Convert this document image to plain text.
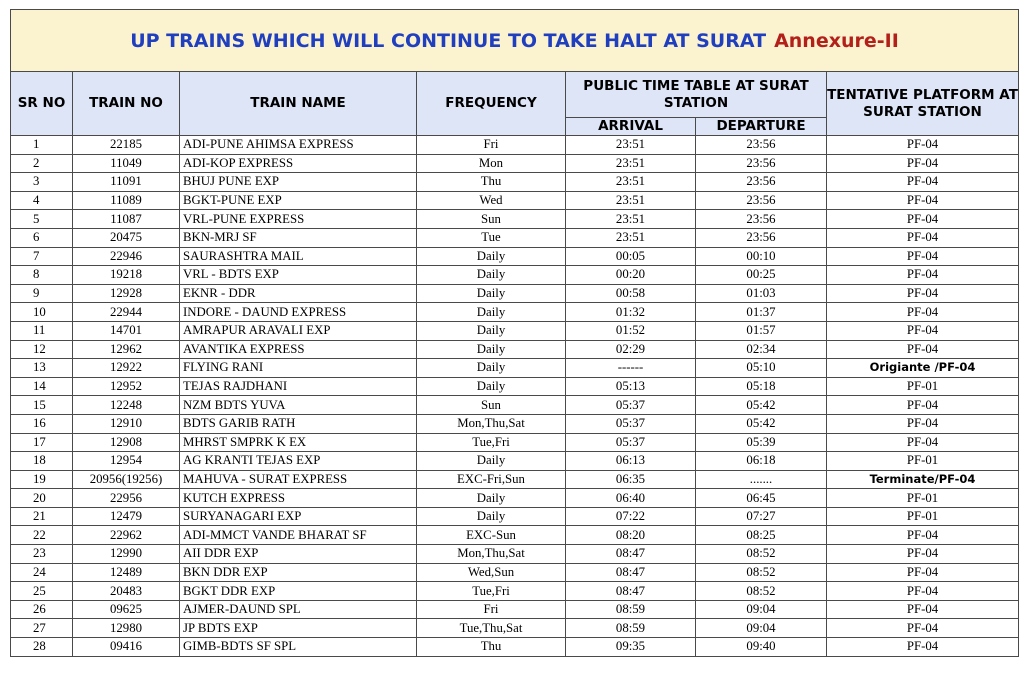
UP TRAINS WHICH WILL CONTINUE TO TAKE HALT AT SURAT Annexure-II						
SR NO	TRAIN NO	TRAIN NAME	FREQUENCY	PUBLIC TIME TABLE AT SURAT STATION		TENTATIVE PLATFORM AT SURAT STATION
				ARRIVAL	DEPARTURE	
1	22185	ADI-PUNE AHIMSA EXPRESS	Fri	23:51	23:56	PF-04
2	11049	ADI-KOP EXPRESS	Mon	23:51	23:56	PF-04
3	11091	BHUJ PUNE EXP	Thu	23:51	23:56	PF-04
4	11089	BGKT-PUNE EXP	Wed	23:51	23:56	PF-04
5	11087	VRL-PUNE EXPRESS	Sun	23:51	23:56	PF-04
6	20475	BKN-MRJ SF	Tue	23:51	23:56	PF-04
7	22946	SAURASHTRA MAIL	Daily	00:05	00:10	PF-04
8	19218	VRL - BDTS EXP	Daily	00:20	00:25	PF-04
9	12928	EKNR - DDR	Daily	00:58	01:03	PF-04
10	22944	INDORE - DAUND EXPRESS	Daily	01:32	01:37	PF-04
11	14701	AMRAPUR ARAVALI EXP	Daily	01:52	01:57	PF-04
12	12962	AVANTIKA EXPRESS	Daily	02:29	02:34	PF-04
13	12922	FLYING RANI	Daily	------	05:10	Origiante /PF-04
14	12952	TEJAS RAJDHANI	Daily	05:13	05:18	PF-01
15	12248	NZM BDTS YUVA	Sun	05:37	05:42	PF-04
16	12910	BDTS GARIB RATH	Mon,Thu,Sat	05:37	05:42	PF-04
17	12908	MHRST SMPRK K EX	Tue,Fri	05:37	05:39	PF-04
18	12954	AG KRANTI TEJAS EXP	Daily	06:13	06:18	PF-01
19	20956(19256)	MAHUVA - SURAT EXPRESS	EXC-Fri,Sun	06:35	.......	Terminate/PF-04
20	22956	KUTCH EXPRESS	Daily	06:40	06:45	PF-01
21	12479	SURYANAGARI EXP	Daily	07:22	07:27	PF-01
22	22962	ADI-MMCT VANDE BHARAT SF	EXC-Sun	08:20	08:25	PF-04
23	12990	AII DDR EXP	Mon,Thu,Sat	08:47	08:52	PF-04
24	12489	BKN DDR EXP	Wed,Sun	08:47	08:52	PF-04
25	20483	BGKT DDR EXP	Tue,Fri	08:47	08:52	PF-04
26	09625	AJMER-DAUND SPL	Fri	08:59	09:04	PF-04
27	12980	JP BDTS EXP	Tue,Thu,Sat	08:59	09:04	PF-04
28	09416	GIMB-BDTS SF SPL	Thu	09:35	09:40	PF-04
